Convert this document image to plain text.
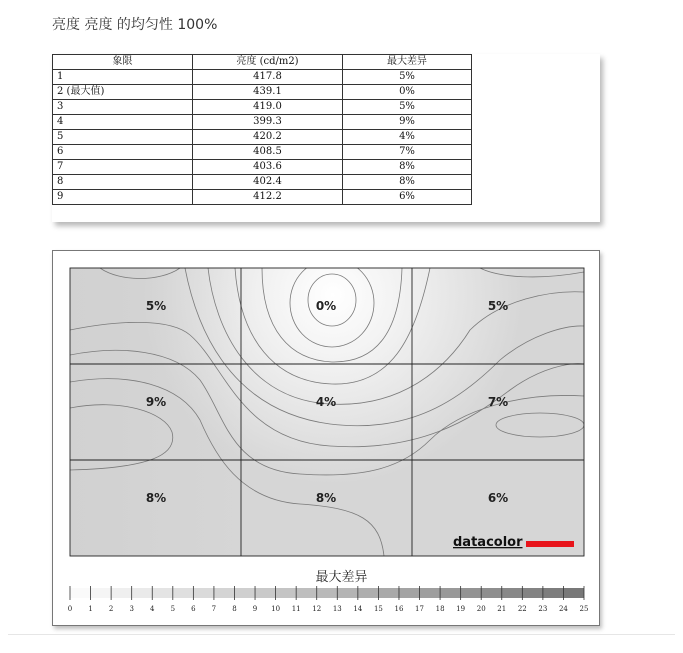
亮度 亮度 的均匀性 100%
象限	亮度 (cd/m2)	最大差异
1	417.8	5%
2 (最大值)	439.1	0%
3	419.0	5%
4	399.3	9%
5	420.2	4%
6	408.5	7%
7	403.6	8%
8	402.4	8%
9	412.2	6%
5%	0%	5%
9%	4%	7%
8%	8%	6%
datacolor
0 1 2 3 4 5 6 7 8 9 10 11 12 13 14 15 16 17 18 19 20 21 22 23 24 25
最大差异
